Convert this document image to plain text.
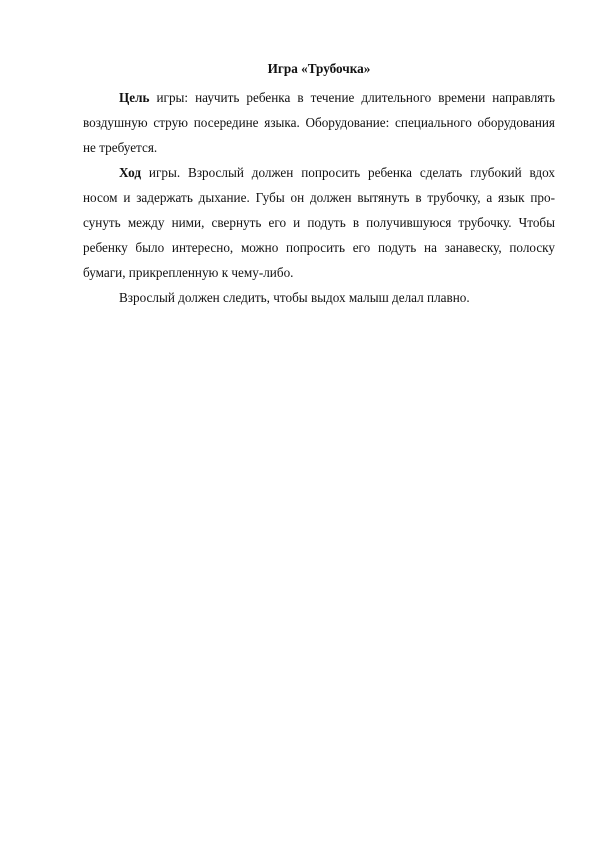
Игра «Трубочка»

Цель игры: научить ребенка в течение длительного времени направлять воздушную струю посередине языка. Оборудование: специального оборудования не требуется.

Ход игры. Взрослый должен попросить ребенка сделать глубокий вдох носом и задержать дыхание. Губы он должен вытянуть в трубочку, а язык просунуть между ними, свернуть его и подуть в получившуюся трубочку. Чтобы ребенку было интересно, можно попросить его подуть на занавеску, полоску бумаги, прикрепленную к чему-либо.

Взрослый должен следить, чтобы выдох малыш делал плавно.
